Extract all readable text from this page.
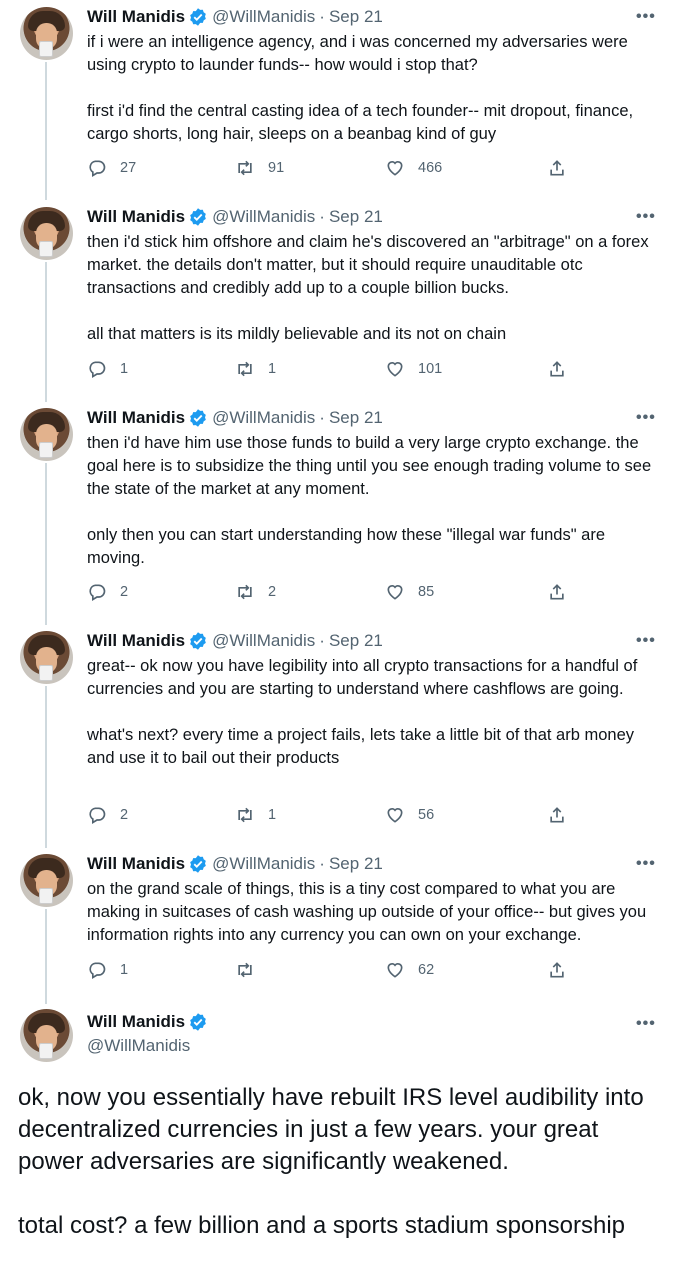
Will Manidis @WillManidis · Sep 21	•••
if i were an intelligence agency, and i was concerned my adversaries were using crypto to launder funds-- how would i stop that?

first i'd find the central casting idea of a tech founder-- mit dropout, finance, cargo shorts, long hair, sleeps on a beanbag kind of guy
27	91	466
Will Manidis @WillManidis · Sep 21	•••
then i'd stick him offshore and claim he's discovered an "arbitrage" on a forex market. the details don't matter, but it should require unauditable otc transactions and credibly add up to a couple billion bucks.

all that matters is its mildly believable and its not on chain
1	1	101
Will Manidis @WillManidis · Sep 21	•••
then i'd have him use those funds to build a very large crypto exchange. the goal here is to subsidize the thing until you see enough trading volume to see the state of the market at any moment.

only then you can start understanding how these "illegal war funds" are moving.
2	2	85
Will Manidis @WillManidis · Sep 21	•••
great-- ok now you have legibility into all crypto transactions for a handful of currencies and you are starting to understand where cashflows are going.

what's next? every time a project fails, lets take a little bit of that arb money and use it to bail out their products
2	1	56
Will Manidis @WillManidis · Sep 21	•••
on the grand scale of things, this is a tiny cost compared to what you are making in suitcases of cash washing up outside of your office-- but gives you information rights into any currency you can own on your exchange.
1	62
Will Manidis
@WillManidis
•••
ok, now you essentially have rebuilt IRS level audibility into decentralized currencies in just a few years. your great power adversaries are significantly weakened.

total cost? a few billion and a sports stadium sponsorship
